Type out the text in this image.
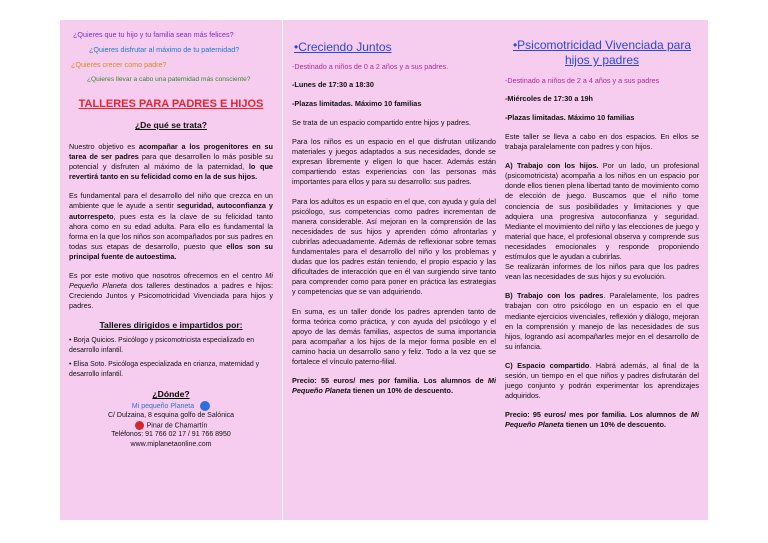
¿Quieres que tu hijo y tu familia sean más felices?

¿Quieres disfrutar al máximo de tu paternidad?

¿Quieres crecer como padre?

¿Quieres llevar a cabo una paternidad más consciente?

TALLERES PARA PADRES E HIJOS
¿De qué se trata?

Nuestro objetivo es acompañar a los progenitores en su tarea de ser padres para que desarrollen lo más posible su potencial y disfruten al máximo de la paternidad, lo que revertirá tanto en su felicidad como en la de sus hijos.

Es fundamental para el desarrollo del niño que crezca en un ambiente que le ayude a sentir seguridad, autoconfianza y autorrespeto, pues esta es la clave de su felicidad tanto ahora como en su edad adulta. Para ello es fundamental la forma en la que los niños son acompañados por sus padres en todas sus etapas de desarrollo, puesto que ellos son su principal fuente de autoestima.

Es por este motivo que nosotros ofrecemos en el centro Mi Pequeño Planeta dos talleres destinados a padres e hijos: Creciendo Juntos y Psicomotricidad Vivenciada para hijos y padres.

Talleres dirigidos e impartidos por:
• Borja Quicios. Psicólogo y psicomotricista especializado en desarrollo infantil.
• Elisa Soto. Psicóloga especializada en crianza, maternidad y desarrollo infantil.
¿Dónde?
Mi pequeño Planeta
C/ Dulzaina, 8 esquina golfo de Salónica
Pinar de Chamartín
Teléfonos: 91 766 02 17 / 91 766 8950
www.miplanetaonline.com
•Creciendo Juntos

-Destinado a niños de 0 a 2 años y a sus padres.

-Lunes de 17:30 a 18:30

-Plazas limitadas. Máximo 10 familias

Se trata de un espacio compartido entre hijos y padres.

Para los niños es un espacio en el que disfrutan utilizando materiales y juegos adaptados a sus necesidades, donde se expresan libremente y eligen lo que hacer. Además están compartiendo estas experiencias con las personas más importantes para ellos y para su desarrollo: sus padres.

Para los adultos es un espacio en el que, con ayuda y guía del psicólogo, sus competencias como padres incrementan de manera considerable. Así mejoran en la comprensión de las necesidades de sus hijos y aprenden cómo afrontarlas y cubrirlas adecuadamente. Además de reflexionar sobre temas fundamentales para el desarrollo del niño y los problemas y dudas que los padres están teniendo, el propio espacio y las dificultades de interacción que en él van surgiendo sirve tanto para comprender como para poner en práctica las estrategias y competencias que se van adquiriendo.

En suma, es un taller donde los padres aprenden tanto de forma teórica como práctica, y con ayuda del psicólogo y el apoyo de las demás familias, aspectos de suma importancia para acompañar a los hijos de la mejor forma posible en el camino hacia un desarrollo sano y feliz. Todo a la vez que se fortalece el vínculo paterno-filial.

Precio: 55 euros/ mes por familia. Los alumnos de Mi Pequeño Planeta tienen un 10% de descuento.

•Psicomotricidad Vivenciada para hijos y padres

-Destinado a niños de 2 a 4 años y a sus padres

-Miércoles de 17:30 a 19h

-Plazas limitadas. Máximo 10 familias

Este taller se lleva a cabo en dos espacios. En ellos se trabaja paralelamente con padres y con hijos.

A) Trabajo con los hijos. Por un lado, un profesional (psicomotricista) acompaña a los niños en un espacio por donde ellos tienen plena libertad tanto de movimiento como de elección de juego. Buscamos que el niño tome conciencia de sus posibilidades y limitaciones y que adquiera una progresiva autoconfianza y seguridad. Mediante el movimiento del niño y las elecciones de juego y material que hace, el profesional observa y comprende sus necesidades emocionales y responde proponiendo estímulos que le ayudan a cubrirlas.

Se realizarán informes de los niños para que los padres vean las necesidades de sus hijos y su evolución.

B) Trabajo con los padres. Paralelamente, los padres trabajan con otro psicólogo en un espacio en el que mediante ejercicios vivenciales, reflexión y diálogo, mejoran en la comprensión y manejo de las necesidades de sus hijos, logrando así acompañarles mejor en el desarrollo de su infancia.

C) Espacio compartido. Habrá además, al final de la sesión, un tiempo en el que niños y padres disfrutarán del juego conjunto y podrán experimentar los aprendizajes adquiridos.

Precio: 95 euros/ mes por familia. Los alumnos de Mi Pequeño Planeta tienen un 10% de descuento.
